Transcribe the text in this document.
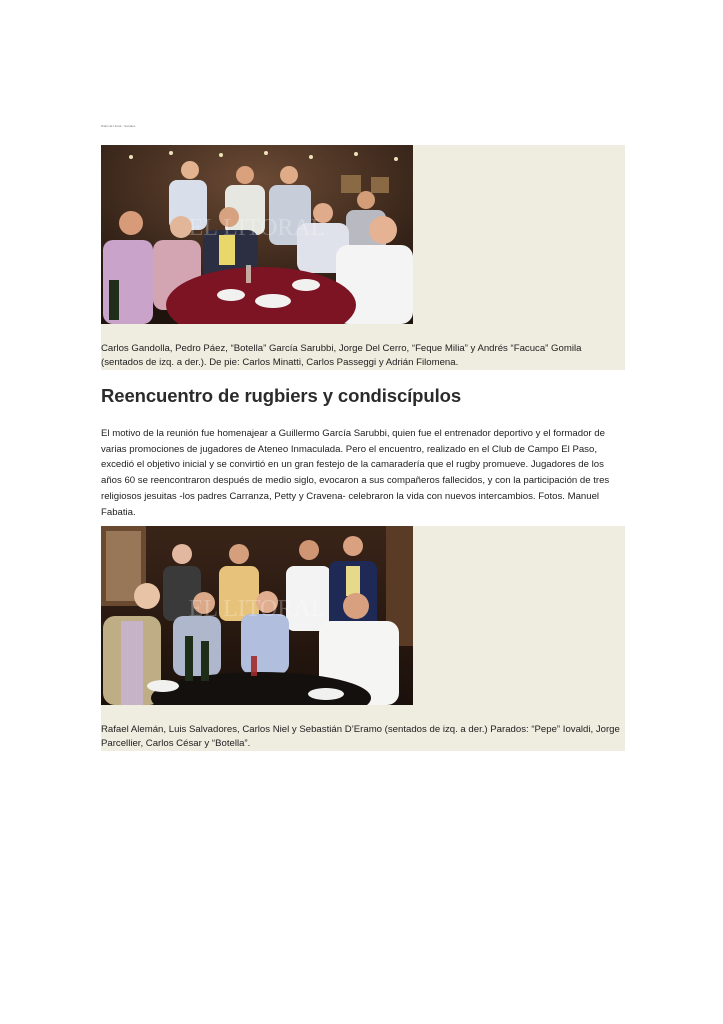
Diario El Litoral - Sociales
EL LITORAL
Carlos Gandolla, Pedro Páez, “Botella” García Sarubbi, Jorge Del Cerro, “Feque Milia” y Andrés “Facuca” Gomila (sentados de izq. a der.). De pie: Carlos Minatti, Carlos Passeggi y Adrián Filomena.
Reencuentro de rugbiers y condiscípulos

El motivo de la reunión fue homenajear a Guillermo García Sarubbi, quien fue el entrenador deportivo y el formador de varias promociones de jugadores de Ateneo Inmaculada. Pero el encuentro, realizado en el Club de Campo El Paso, excedió el objetivo inicial y se convirtió en un gran festejo de la camaradería que el rugby promueve. Jugadores de los años 60 se reencontraron después de medio siglo, evocaron a sus compañeros fallecidos, y con la participación de tres religiosos jesuitas -los padres Carranza, Petty y Cravena- celebraron la vida con nuevos intercambios. Fotos. Manuel Fabatia.

EL LITORAL
Rafael Alemán, Luis Salvadores, Carlos Niel y Sebastián D’Eramo (sentados de izq. a der.) Parados: “Pepe” Iovaldi, Jorge Parcellier, Carlos César y “Botella”.
